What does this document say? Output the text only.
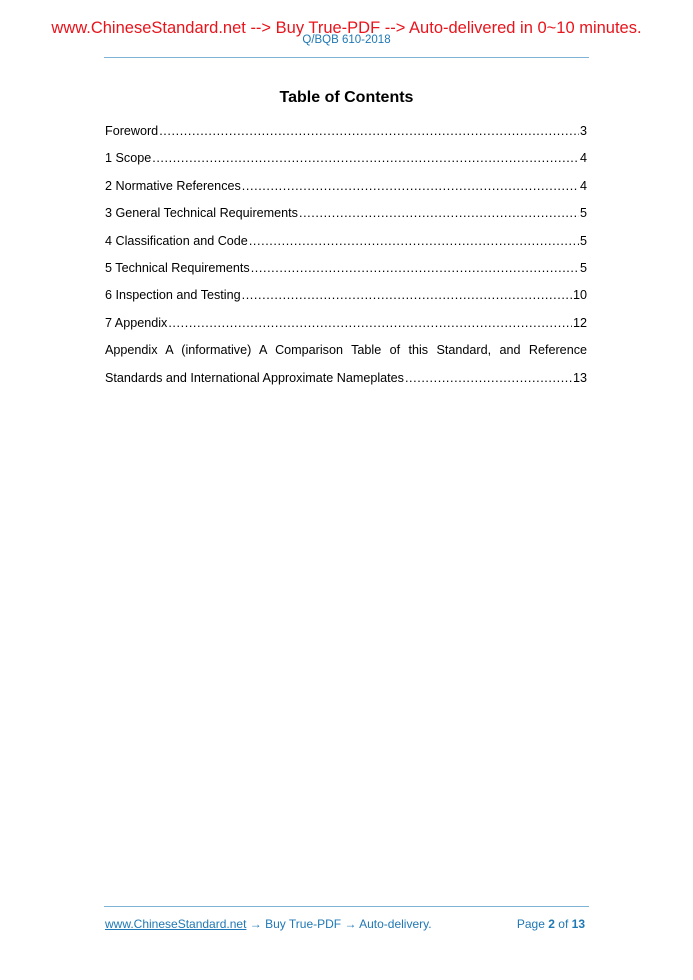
www.ChineseStandard.net --> Buy True-PDF --> Auto-delivered in 0~10 minutes.
Q/BQB 610-2018
Table of Contents
Foreword .....	3
1 Scope .....	4
2 Normative References .....	4
3 General Technical Requirements .....	5
4 Classification and Code .....	5
5 Technical Requirements .....	5
6 Inspection and Testing .....	10
7 Appendix .....	12
Appendix A (informative) A Comparison Table of this Standard, and Reference
Standards and International Approximate Nameplates .....	13
www.ChineseStandard.net → Buy True-PDF → Auto-delivery.	Page 2 of 13
